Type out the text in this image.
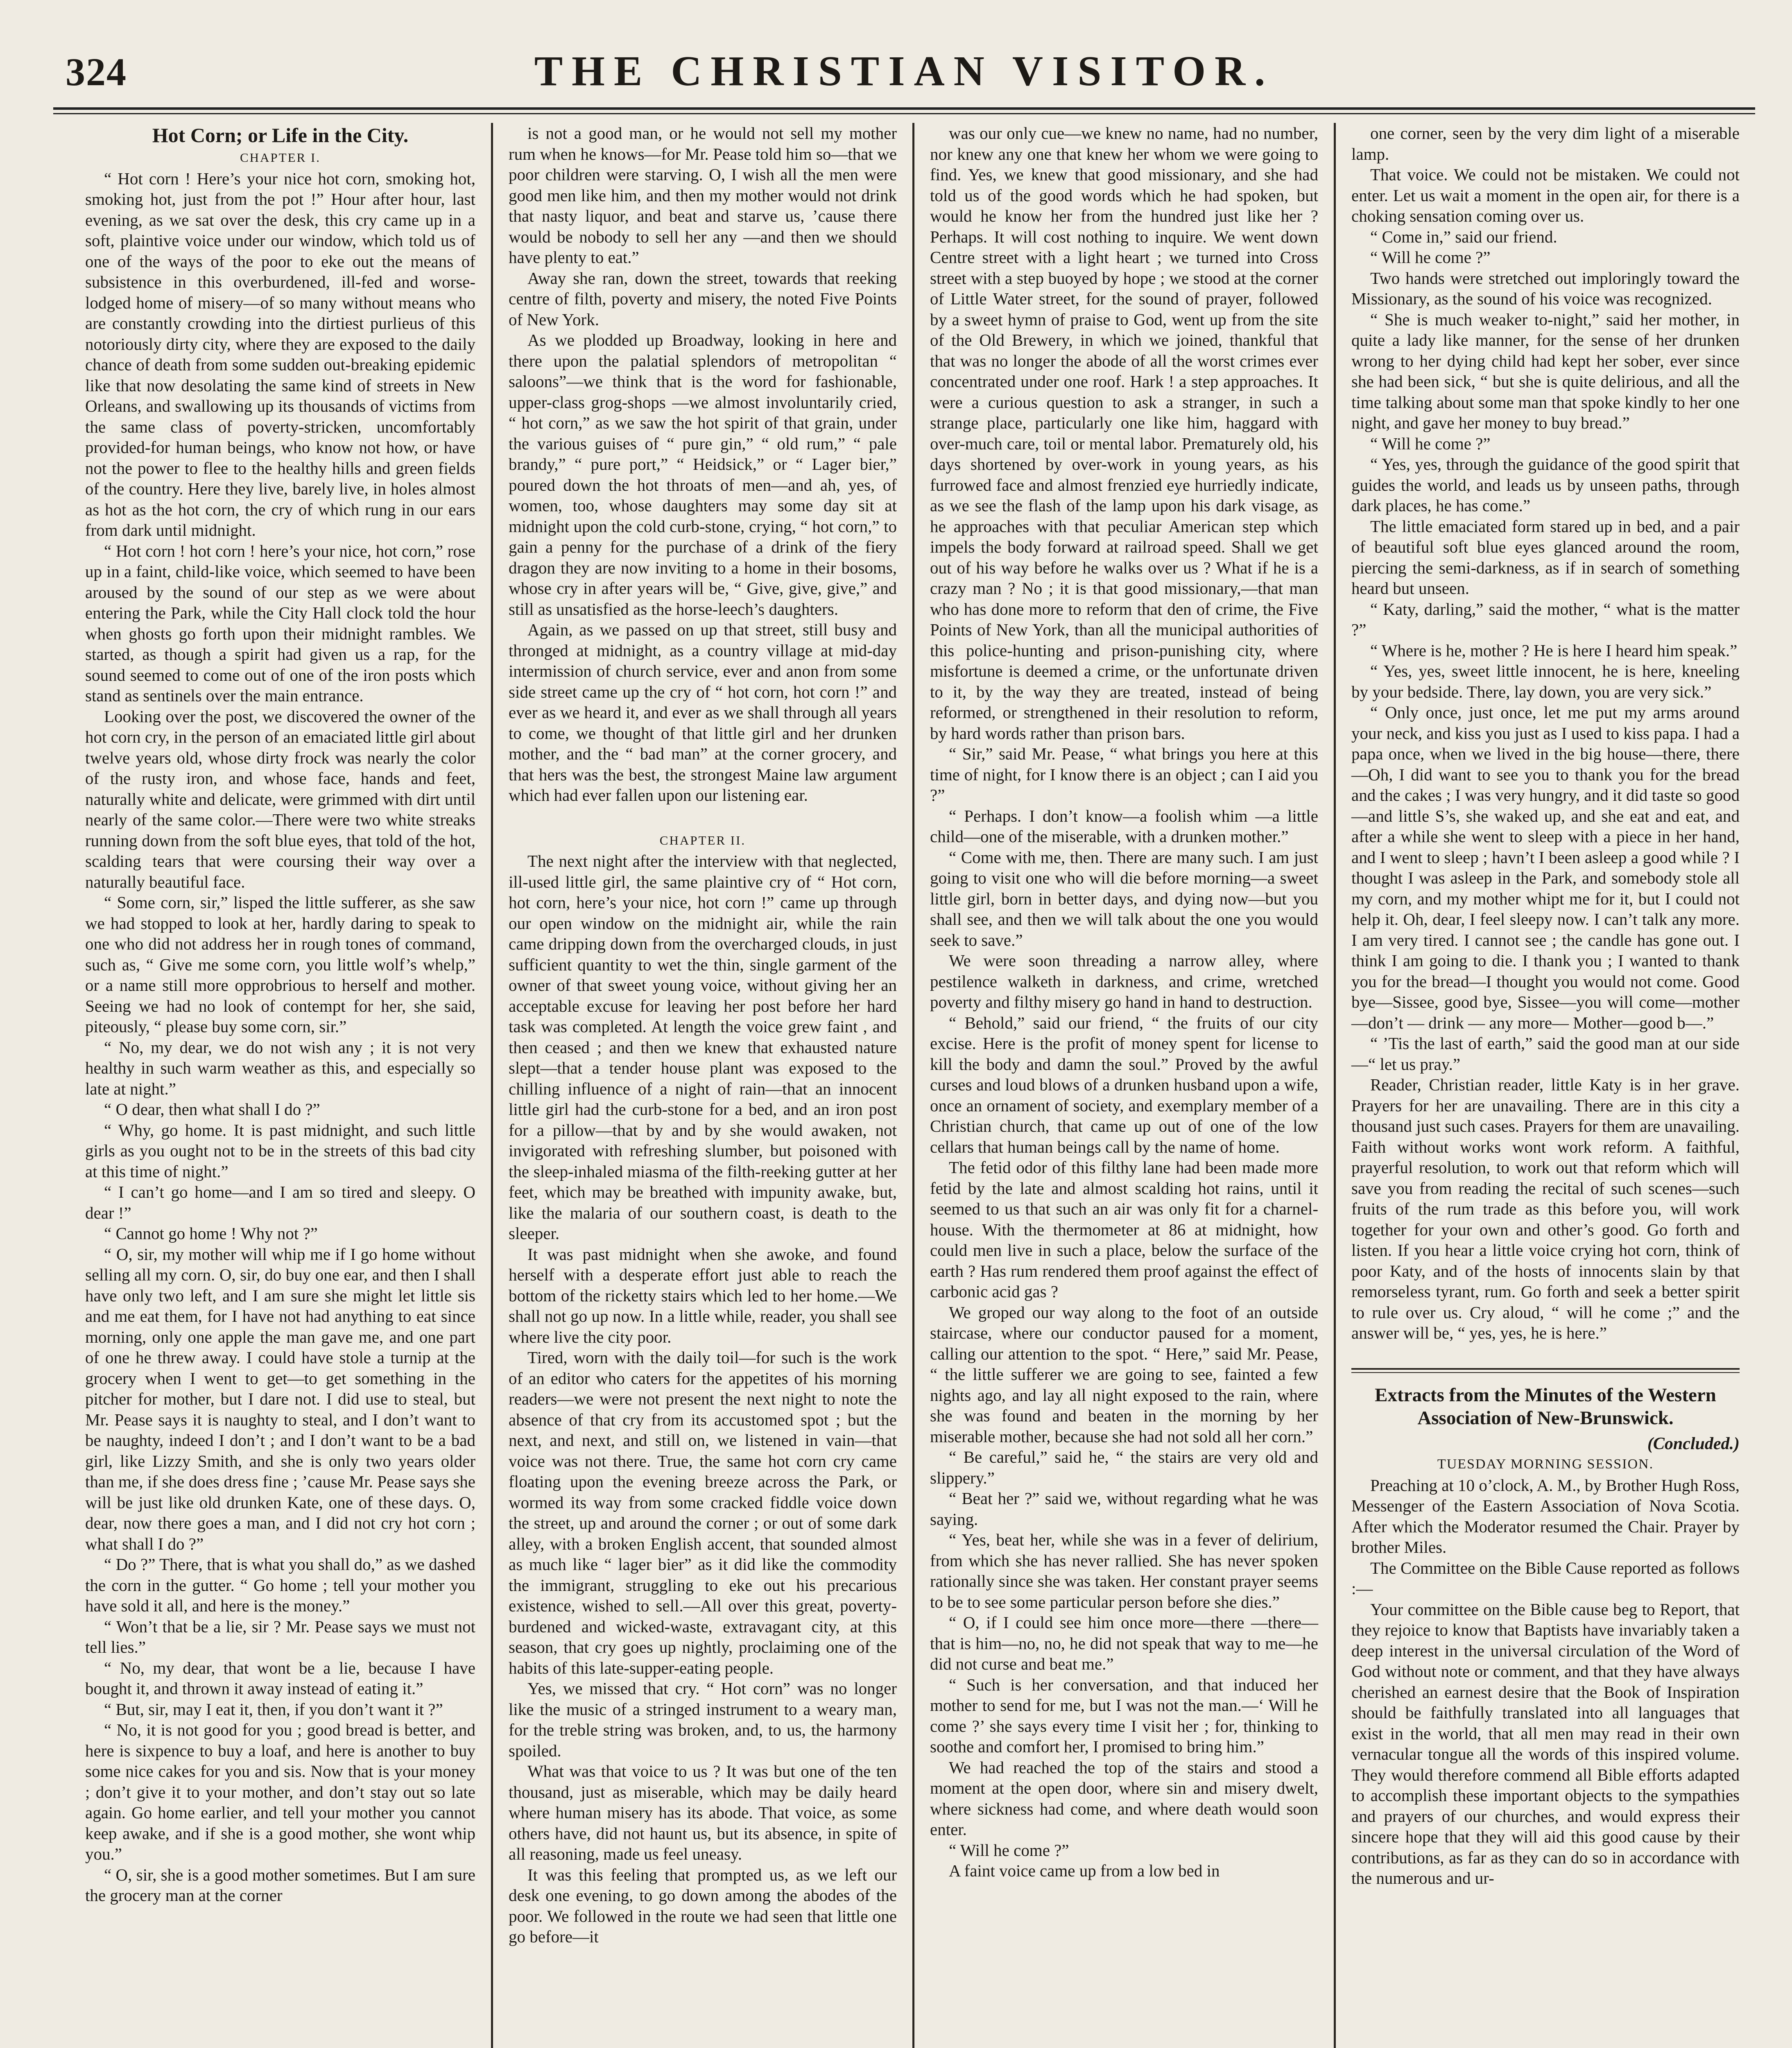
324	THE CHRISTIAN VISITOR.

Hot Corn; or Life in the City.

CHAPTER I.

“ Hot corn ! Here’s your nice hot corn, smoking hot, smoking hot, just from the pot !” Hour after hour, last evening, as we sat over the desk, this cry came up in a soft, plaintive voice under our window, which told us of one of the ways of the poor to eke out the means of subsistence in this overburdened, ill-fed and worse-lodged home of misery—of so many without means who are constantly crowding into the dirtiest purlieus of this notoriously dirty city, where they are exposed to the daily chance of death from some sudden out-breaking epidemic like that now desolating the same kind of streets in New Orleans, and swallowing up its thousands of victims from the same class of poverty-stricken, uncomfortably provided-for human beings, who know not how, or have not the power to flee to the healthy hills and green fields of the country. Here they live, barely live, in holes almost as hot as the hot corn, the cry of which rung in our ears from dark until midnight.

“ Hot corn ! hot corn ! here’s your nice, hot corn,” rose up in a faint, child-like voice, which seemed to have been aroused by the sound of our step as we were about entering the Park, while the City Hall clock told the hour when ghosts go forth upon their midnight rambles. We started, as though a spirit had given us a rap, for the sound seemed to come out of one of the iron posts which stand as sentinels over the main entrance.

Looking over the post, we discovered the owner of the hot corn cry, in the person of an emaciated little girl about twelve years old, whose dirty frock was nearly the color of the rusty iron, and whose face, hands and feet, naturally white and delicate, were grimmed with dirt until nearly of the same color.—There were two white streaks running down from the soft blue eyes, that told of the hot, scalding tears that were coursing their way over a naturally beautiful face.

“ Some corn, sir,” lisped the little sufferer, as she saw we had stopped to look at her, hardly daring to speak to one who did not address her in rough tones of command, such as, “ Give me some corn, you little wolf’s whelp,” or a name still more opprobrious to herself and mother. Seeing we had no look of contempt for her, she said, piteously, “ please buy some corn, sir.”

“ No, my dear, we do not wish any ; it is not very healthy in such warm weather as this, and especially so late at night.”

“ O dear, then what shall I do ?”

“ Why, go home. It is past midnight, and such little girls as you ought not to be in the streets of this bad city at this time of night.”

“ I can’t go home—and I am so tired and sleepy. O dear !”

“ Cannot go home ! Why not ?”

“ O, sir, my mother will whip me if I go home without selling all my corn. O, sir, do buy one ear, and then I shall have only two left, and I am sure she might let little sis and me eat them, for I have not had anything to eat since morning, only one apple the man gave me, and one part of one he threw away. I could have stole a turnip at the grocery when I went to get—to get something in the pitcher for mother, but I dare not. I did use to steal, but Mr. Pease says it is naughty to steal, and I don’t want to be naughty, indeed I don’t ; and I don’t want to be a bad girl, like Lizzy Smith, and she is only two years older than me, if she does dress fine ; ’cause Mr. Pease says she will be just like old drunken Kate, one of these days. O, dear, now there goes a man, and I did not cry hot corn ; what shall I do ?”

“ Do ?” There, that is what you shall do,” as we dashed the corn in the gutter. “ Go home ; tell your mother you have sold it all, and here is the money.”

“ Won’t that be a lie, sir ? Mr. Pease says we must not tell lies.”

“ No, my dear, that wont be a lie, because I have bought it, and thrown it away instead of eating it.”

“ But, sir, may I eat it, then, if you don’t want it ?”

“ No, it is not good for you ; good bread is better, and here is sixpence to buy a loaf, and here is another to buy some nice cakes for you and sis. Now that is your money ; don’t give it to your mother, and don’t stay out so late again. Go home earlier, and tell your mother you cannot keep awake, and if she is a good mother, she wont whip you.”

“ O, sir, she is a good mother sometimes. But I am sure the grocery man at the corner

is not a good man, or he would not sell my mother rum when he knows—for Mr. Pease told him so—that we poor children were starving. O, I wish all the men were good men like him, and then my mother would not drink that nasty liquor, and beat and starve us, ’cause there would be nobody to sell her any —and then we should have plenty to eat.”

Away she ran, down the street, towards that reeking centre of filth, poverty and misery, the noted Five Points of New York.

As we plodded up Broadway, looking in here and there upon the palatial splendors of metropolitan “ saloons”—we think that is the word for fashionable, upper-class grog-shops —we almost involuntarily cried, “ hot corn,” as we saw the hot spirit of that grain, under the various guises of “ pure gin,” “ old rum,” “ pale brandy,” “ pure port,” “ Heidsick,” or “ Lager bier,” poured down the hot throats of men—and ah, yes, of women, too, whose daughters may some day sit at midnight upon the cold curb-stone, crying, “ hot corn,” to gain a penny for the purchase of a drink of the fiery dragon they are now inviting to a home in their bosoms, whose cry in after years will be, “ Give, give, give,” and still as unsatisfied as the horse-leech’s daughters.

Again, as we passed on up that street, still busy and thronged at midnight, as a country village at mid-day intermission of church service, ever and anon from some side street came up the cry of “ hot corn, hot corn !” and ever as we heard it, and ever as we shall through all years to come, we thought of that little girl and her drunken mother, and the “ bad man” at the corner grocery, and that hers was the best, the strongest Maine law argument which had ever fallen upon our listening ear.

CHAPTER II.

The next night after the interview with that neglected, ill-used little girl, the same plaintive cry of “ Hot corn, hot corn, here’s your nice, hot corn !” came up through our open window on the midnight air, while the rain came dripping down from the overcharged clouds, in just sufficient quantity to wet the thin, single garment of the owner of that sweet young voice, without giving her an acceptable excuse for leaving her post before her hard task was completed. At length the voice grew faint , and then ceased ; and then we knew that exhausted nature slept—that a tender house plant was exposed to the chilling influence of a night of rain—that an innocent little girl had the curb-stone for a bed, and an iron post for a pillow—that by and by she would awaken, not invigorated with refreshing slumber, but poisoned with the sleep-inhaled miasma of the filth-reeking gutter at her feet, which may be breathed with impunity awake, but, like the malaria of our southern coast, is death to the sleeper.

It was past midnight when she awoke, and found herself with a desperate effort just able to reach the bottom of the ricketty stairs which led to her home.—We shall not go up now. In a little while, reader, you shall see where live the city poor.

Tired, worn with the daily toil—for such is the work of an editor who caters for the appetites of his morning readers—we were not present the next night to note the absence of that cry from its accustomed spot ; but the next, and next, and still on, we listened in vain—that voice was not there. True, the same hot corn cry came floating upon the evening breeze across the Park, or wormed its way from some cracked fiddle voice down the street, up and around the corner ; or out of some dark alley, with a broken English accent, that sounded almost as much like “ lager bier” as it did like the commodity the immigrant, struggling to eke out his precarious existence, wished to sell.—All over this great, poverty-burdened and wicked-waste, extravagant city, at this season, that cry goes up nightly, proclaiming one of the habits of this late-supper-eating people.

Yes, we missed that cry. “ Hot corn” was no longer like the music of a stringed instrument to a weary man, for the treble string was broken, and, to us, the harmony spoiled.

What was that voice to us ? It was but one of the ten thousand, just as miserable, which may be daily heard where human misery has its abode. That voice, as some others have, did not haunt us, but its absence, in spite of all reasoning, made us feel uneasy.

It was this feeling that prompted us, as we left our desk one evening, to go down among the abodes of the poor. We followed in the route we had seen that little one go before—it

was our only cue—we knew no name, had no number, nor knew any one that knew her whom we were going to find. Yes, we knew that good missionary, and she had told us of the good words which he had spoken, but would he know her from the hundred just like her ? Perhaps. It will cost nothing to inquire. We went down Centre street with a light heart ; we turned into Cross street with a step buoyed by hope ; we stood at the corner of Little Water street, for the sound of prayer, followed by a sweet hymn of praise to God, went up from the site of the Old Brewery, in which we joined, thankful that that was no longer the abode of all the worst crimes ever concentrated under one roof. Hark ! a step approaches. It were a curious question to ask a stranger, in such a strange place, particularly one like him, haggard with over-much care, toil or mental labor. Prematurely old, his days shortened by over-work in young years, as his furrowed face and almost frenzied eye hurriedly indicate, as we see the flash of the lamp upon his dark visage, as he approaches with that peculiar American step which impels the body forward at railroad speed. Shall we get out of his way before he walks over us ? What if he is a crazy man ? No ; it is that good missionary,—that man who has done more to reform that den of crime, the Five Points of New York, than all the municipal authorities of this police-hunting and prison-punishing city, where misfortune is deemed a crime, or the unfortunate driven to it, by the way they are treated, instead of being reformed, or strengthened in their resolution to reform, by hard words rather than prison bars.

“ Sir,” said Mr. Pease, “ what brings you here at this time of night, for I know there is an object ; can I aid you ?”

“ Perhaps. I don’t know—a foolish whim —a little child—one of the miserable, with a drunken mother.”

“ Come with me, then. There are many such. I am just going to visit one who will die before morning—a sweet little girl, born in better days, and dying now—but you shall see, and then we will talk about the one you would seek to save.”

We were soon threading a narrow alley, where pestilence walketh in darkness, and crime, wretched poverty and filthy misery go hand in hand to destruction.

“ Behold,” said our friend, “ the fruits of our city excise. Here is the profit of money spent for license to kill the body and damn the soul.” Proved by the awful curses and loud blows of a drunken husband upon a wife, once an ornament of society, and exemplary member of a Christian church, that came up out of one of the low cellars that human beings call by the name of home.

The fetid odor of this filthy lane had been made more fetid by the late and almost scalding hot rains, until it seemed to us that such an air was only fit for a charnel-house. With the thermometer at 86 at midnight, how could men live in such a place, below the surface of the earth ? Has rum rendered them proof against the effect of carbonic acid gas ?

We groped our way along to the foot of an outside staircase, where our conductor paused for a moment, calling our attention to the spot. “ Here,” said Mr. Pease, “ the little sufferer we are going to see, fainted a few nights ago, and lay all night exposed to the rain, where she was found and beaten in the morning by her miserable mother, because she had not sold all her corn.”

“ Be careful,” said he, “ the stairs are very old and slippery.”

“ Beat her ?” said we, without regarding what he was saying.

“ Yes, beat her, while she was in a fever of delirium, from which she has never rallied. She has never spoken rationally since she was taken. Her constant prayer seems to be to see some particular person before she dies.”

“ O, if I could see him once more—there —there—that is him—no, no, he did not speak that way to me—he did not curse and beat me.”

“ Such is her conversation, and that induced her mother to send for me, but I was not the man.—‘ Will he come ?’ she says every time I visit her ; for, thinking to soothe and comfort her, I promised to bring him.”

We had reached the top of the stairs and stood a moment at the open door, where sin and misery dwelt, where sickness had come, and where death would soon enter.

“ Will he come ?”

A faint voice came up from a low bed in

one corner, seen by the very dim light of a miserable lamp.

That voice. We could not be mistaken. We could not enter. Let us wait a moment in the open air, for there is a choking sensation coming over us.

“ Come in,” said our friend.

“ Will he come ?”

Two hands were stretched out imploringly toward the Missionary, as the sound of his voice was recognized.

“ She is much weaker to-night,” said her mother, in quite a lady like manner, for the sense of her drunken wrong to her dying child had kept her sober, ever since she had been sick, “ but she is quite delirious, and all the time talking about some man that spoke kindly to her one night, and gave her money to buy bread.”

“ Will he come ?”

“ Yes, yes, through the guidance of the good spirit that guides the world, and leads us by unseen paths, through dark places, he has come.”

The little emaciated form stared up in bed, and a pair of beautiful soft blue eyes glanced around the room, piercing the semi-darkness, as if in search of something heard but unseen.

“ Katy, darling,” said the mother, “ what is the matter ?”

“ Where is he, mother ? He is here I heard him speak.”

“ Yes, yes, sweet little innocent, he is here, kneeling by your bedside. There, lay down, you are very sick.”

“ Only once, just once, let me put my arms around your neck, and kiss you just as I used to kiss papa. I had a papa once, when we lived in the big house—there, there—Oh, I did want to see you to thank you for the bread and the cakes ; I was very hungry, and it did taste so good—and little S’s, she waked up, and she eat and eat, and after a while she went to sleep with a piece in her hand, and I went to sleep ; havn’t I been asleep a good while ? I thought I was asleep in the Park, and somebody stole all my corn, and my mother whipt me for it, but I could not help it. Oh, dear, I feel sleepy now. I can’t talk any more. I am very tired. I cannot see ; the candle has gone out. I think I am going to die. I thank you ; I wanted to thank you for the bread—I thought you would not come. Good bye—Sissee, good bye, Sissee—you will come—mother—don’t — drink — any more— Mother—good b—.”

“ ’Tis the last of earth,” said the good man at our side—“ let us pray.”

Reader, Christian reader, little Katy is in her grave. Prayers for her are unavailing. There are in this city a thousand just such cases. Prayers for them are unavailing. Faith without works wont work reform. A faithful, prayerful resolution, to work out that reform which will save you from reading the recital of such scenes—such fruits of the rum trade as this before you, will work together for your own and other’s good. Go forth and listen. If you hear a little voice crying hot corn, think of poor Katy, and of the hosts of innocents slain by that remorseless tyrant, rum. Go forth and seek a better spirit to rule over us. Cry aloud, “ will he come ;” and the answer will be, “ yes, yes, he is here.”

Extracts from the Minutes of the Western Association of New-Brunswick.

(Concluded.)

TUESDAY MORNING SESSION.

Preaching at 10 o’clock, A. M., by Brother Hugh Ross, Messenger of the Eastern Association of Nova Scotia. After which the Moderator resumed the Chair. Prayer by brother Miles.

The Committee on the Bible Cause reported as follows :—

Your committee on the Bible cause beg to Report, that they rejoice to know that Baptists have invariably taken a deep interest in the universal circulation of the Word of God without note or comment, and that they have always cherished an earnest desire that the Book of Inspiration should be faithfully translated into all languages that exist in the world, that all men may read in their own vernacular tongue all the words of this inspired volume. They would therefore commend all Bible efforts adapted to accomplish these important objects to the sympathies and prayers of our churches, and would express their sincere hope that they will aid this good cause by their contributions, as far as they can do so in accordance with the numerous and ur-
